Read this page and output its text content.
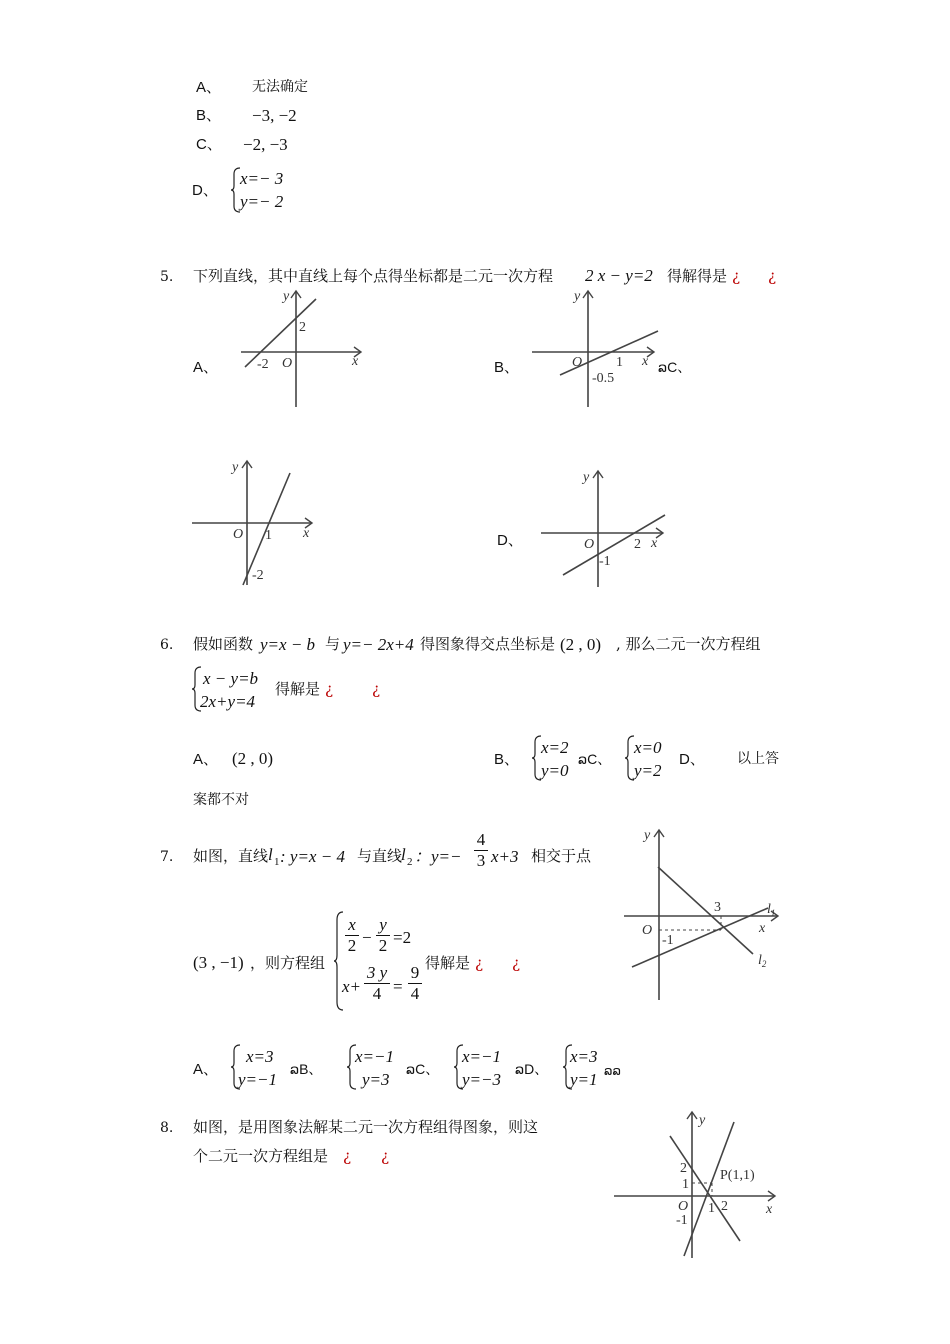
A、 无法确定
B、 −3, −2
C、 −2, −3
D、
x=− 3
y=− 2
5. 下列直线，其中直线上每个点得坐标都是二元一次方程 2 x − y=2 得解得是 ¿ ¿
A、
y
x
O
-2
2
B、
y
x
O 1
-0.5
ລC、
y
x
O 1
-2
D、
y
x
O	2
-1
6. 假如函数 y=x − b 与 y=− 2x+4 得图象得交点坐标是 (2 , 0) , 那么二元一次方程组
x − y=b
2x+y=4
得解是 ¿	¿
A、 (2 , 0)	B、
x=2
y=0
ລC、
x=0
y=2
D、 以上答
案都不对
7. 如图，直线 l 1 : y=x − 4 与直线
l 2 ：$y=- \frac{4}{3} x+3$ 相交于点
(3 , −1) ，则方程组
$\frac{x}{2} - \frac{y}{2} =2$
$x+ \frac{3 y}{4} = \frac{9}{4}$ 得解是 ¿ ¿
y
x
O
3
-1
$l_1$
$l_2$
A、
x=3
y=−1
ລB、
x=−1
y=3
ລC、
x=−1
y=−3
ລD、
x=3
y=1 ລລ
8. 如图，是用图象法解某二元一次方程组得图象，则这
个二元一次方程组是 ¿ ¿
y
x
O
P(1,1)
2
1
-1
1 2
